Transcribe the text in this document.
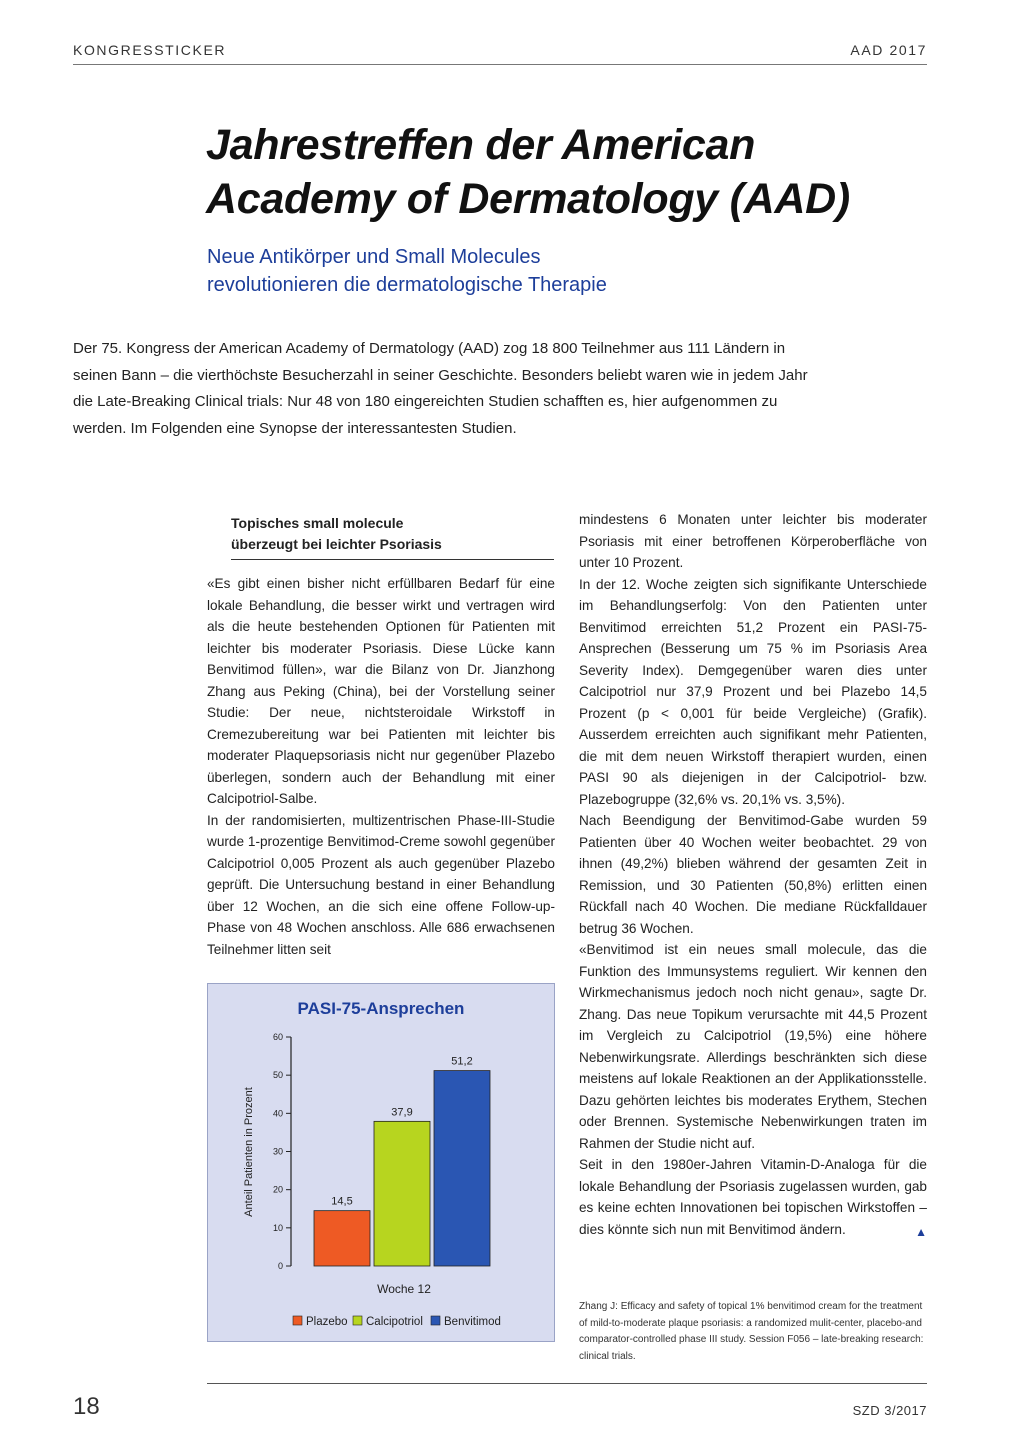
KONGRESSTICKER	AAD 2017
Jahrestreffen der American
Academy of Dermatology (AAD)
Neue Antikörper und Small Molecules
revolutionieren die dermatologische Therapie
Der 75. Kongress der American Academy of Dermatology (AAD) zog 18 800 Teilnehmer aus 111 Ländern in
seinen Bann – die vierthöchste Besucherzahl in seiner Geschichte. Besonders beliebt waren wie in jedem Jahr
die Late-Breaking Clinical trials: Nur 48 von 180 eingereichten Studien schafften es, hier aufgenommen zu
werden. Im Folgenden eine Synopse der interessantesten Studien.
Topisches small molecule
überzeugt bei leichter Psoriasis

«Es gibt einen bisher nicht erfüllbaren Bedarf für eine lokale Behandlung, die besser wirkt und vertragen wird als die heute bestehenden Optionen für Patienten mit leichter bis moderater Psoriasis. Diese Lücke kann Benvitimod füllen», war die Bilanz von Dr. Jianzhong Zhang aus Peking (China), bei der Vorstellung seiner Studie: Der neue, nichtsteroidale Wirkstoff in Cremezubereitung war bei Patienten mit leichter bis moderater Plaquepsoriasis nicht nur gegenüber Plazebo überlegen, sondern auch der Behandlung mit einer Calcipotriol-Salbe.

In der randomisierten, multizentrischen Phase-III-Studie wurde 1-prozentige Benvitimod-Creme sowohl gegenüber Calcipotriol 0,005 Prozent als auch gegenüber Plazebo geprüft. Die Untersuchung bestand in einer Behandlung über 12 Wochen, an die sich eine offene Follow-up-Phase von 48 Wochen anschloss. Alle 686 erwachsenen Teilnehmer litten seit

PASI-75-Ansprechen
0
10
20
30
40
50
60
Anteil Patienten in Prozent	14,5
37,9
51,2
Woche 12
Plazebo Calcipotriol Benvitimod

mindestens 6 Monaten unter leichter bis moderater Psoriasis mit einer betroffenen Körperoberfläche von unter 10 Prozent.

In der 12. Woche zeigten sich signifikante Unterschiede im Behandlungserfolg: Von den Patienten unter Benvitimod erreichten 51,2 Prozent ein PASI-75-Ansprechen (Besserung um 75 % im Psoriasis Area Severity Index). Demgegenüber waren dies unter Calcipotriol nur 37,9 Prozent und bei Plazebo 14,5 Prozent (p < 0,001 für beide Vergleiche) (Grafik). Ausserdem erreichten auch signifikant mehr Patienten, die mit dem neuen Wirkstoff therapiert wurden, einen PASI 90 als diejenigen in der Calcipotriol- bzw. Plazebogruppe (32,6% vs. 20,1% vs. 3,5%).

Nach Beendigung der Benvitimod-Gabe wurden 59 Patienten über 40 Wochen weiter beobachtet. 29 von ihnen (49,2%) blieben während der gesamten Zeit in Remission, und 30 Patienten (50,8%) erlitten einen Rückfall nach 40 Wochen. Die mediane Rückfalldauer betrug 36 Wochen.

«Benvitimod ist ein neues small molecule, das die Funktion des Immunsystems reguliert. Wir kennen den Wirkmechanismus jedoch noch nicht genau», sagte Dr. Zhang. Das neue Topikum verursachte mit 44,5 Prozent im Vergleich zu Calcipotriol (19,5%) eine höhere Nebenwirkungsrate. Allerdings beschränkten sich diese meistens auf lokale Reaktionen an der Applikationsstelle. Dazu gehörten leichtes bis moderates Erythem, Stechen oder Brennen. Systemische Nebenwirkungen traten im Rahmen der Studie nicht auf.

Seit in den 1980er-Jahren Vitamin-D-Analoga für die lokale Behandlung der Psoriasis zugelassen wurden, gab es keine echten Innovationen bei topischen Wirkstoffen – dies könnte sich nun mit Benvitimod ändern.	▲

Zhang J: Efficacy and safety of topical 1% benvitimod cream for the treatment of mild-to-moderate plaque psoriasis: a randomized mulit-center, placebo-and comparator-controlled phase III study. Session F056 – late-breaking research: clinical trials.
18	SZD 3/2017
